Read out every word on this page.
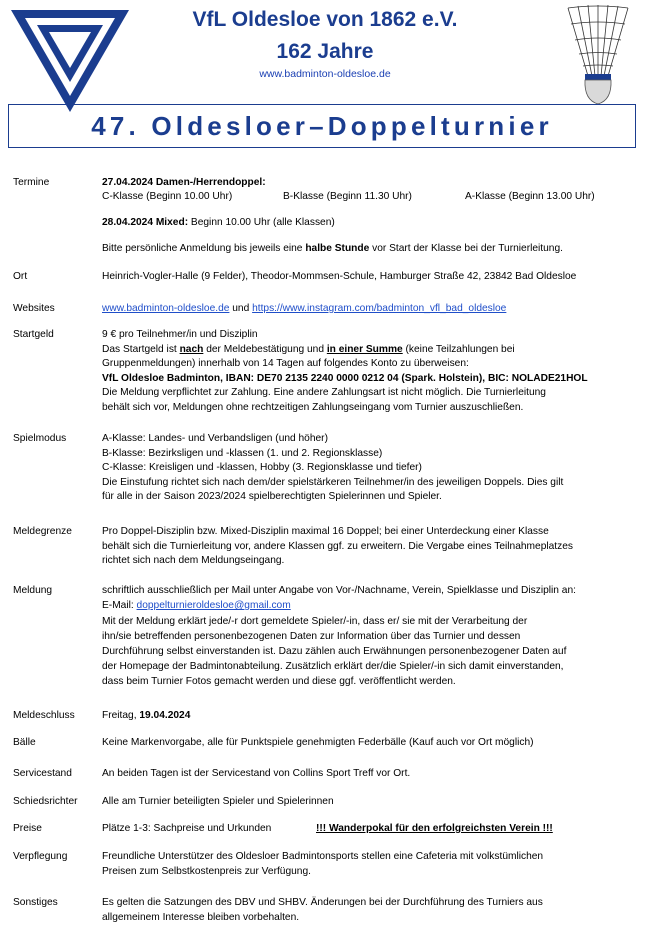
VfL Oldesloe von 1862 e.V.
162 Jahre
www.badminton-oldesloe.de
47. Oldesloer–Doppelturnier
Termine	27.04.2024 Damen-/Herrendoppel:
C-Klasse (Beginn 10.00 Uhr)	B-Klasse (Beginn 11.30 Uhr)	A-Klasse (Beginn 13.00 Uhr)
28.04.2024 Mixed: Beginn 10.00 Uhr (alle Klassen)
Bitte persönliche Anmeldung bis jeweils eine halbe Stunde vor Start der Klasse bei der Turnierleitung.
Ort	Heinrich-Vogler-Halle (9 Felder), Theodor-Mommsen-Schule, Hamburger Straße 42, 23842 Bad Oldesloe
Websites	www.badminton-oldesloe.de und https://www.instagram.com/badminton_vfl_bad_oldesloe
Startgeld	9 € pro Teilnehmer/in und Disziplin
Das Startgeld ist nach der Meldebestätigung und in einer Summe (keine Teilzahlungen bei
Gruppenmeldungen) innerhalb von 14 Tagen auf folgendes Konto zu überweisen:
VfL Oldesloe Badminton, IBAN: DE70 2135 2240 0000 0212 04 (Spark. Holstein), BIC: NOLADE21HOL
Die Meldung verpflichtet zur Zahlung. Eine andere Zahlungsart ist nicht möglich. Die Turnierleitung
behält sich vor, Meldungen ohne rechtzeitigen Zahlungseingang vom Turnier auszuschließen.
Spielmodus	A-Klasse: Landes- und Verbandsligen (und höher)
B-Klasse: Bezirksligen und -klassen (1. und 2. Regionsklasse)
C-Klasse: Kreisligen und -klassen, Hobby (3. Regionsklasse und tiefer)
Die Einstufung richtet sich nach dem/der spielstärkeren Teilnehmer/in des jeweiligen Doppels. Dies gilt
für alle in der Saison 2023/2024 spielberechtigten Spielerinnen und Spieler.
Meldegrenze	Pro Doppel-Disziplin bzw. Mixed-Disziplin maximal 16 Doppel; bei einer Unterdeckung einer Klasse
behält sich die Turnierleitung vor, andere Klassen ggf. zu erweitern. Die Vergabe eines Teilnahmeplatzes
richtet sich nach dem Meldungseingang.
Meldung	schriftlich ausschließlich per Mail unter Angabe von Vor-/Nachname, Verein, Spielklasse und Disziplin an:
E-Mail: doppelturnieroldesloe@gmail.com
Mit der Meldung erklärt jede/-r dort gemeldete Spieler/-in, dass er/ sie mit der Verarbeitung der
ihn/sie betreffenden personenbezogenen Daten zur Information über das Turnier und dessen
Durchführung selbst einverstanden ist. Dazu zählen auch Erwähnungen personenbezogener Daten auf
der Homepage der Badmintonabteilung. Zusätzlich erklärt der/die Spieler/-in sich damit einverstanden,
dass beim Turnier Fotos gemacht werden und diese ggf. veröffentlicht werden.
Meldeschluss	Freitag, 19.04.2024
Bälle	Keine Markenvorgabe, alle für Punktspiele genehmigten Federbälle (Kauf auch vor Ort möglich)
Servicestand	An beiden Tagen ist der Servicestand von Collins Sport Treff vor Ort.
Schiedsrichter Alle am Turnier beteiligten Spieler und Spielerinnen
Preise	Plätze 1-3: Sachpreise und Urkunden	!!! Wanderpokal für den erfolgreichsten Verein !!!
Verpflegung	Freundliche Unterstützer des Oldesloer Badmintonsports stellen eine Cafeteria mit volkstümlichen
Preisen zum Selbstkostenpreis zur Verfügung.
Sonstiges	Es gelten die Satzungen des DBV und SHBV. Änderungen bei der Durchführung des Turniers aus
allgemeinem Interesse bleiben vorbehalten.
